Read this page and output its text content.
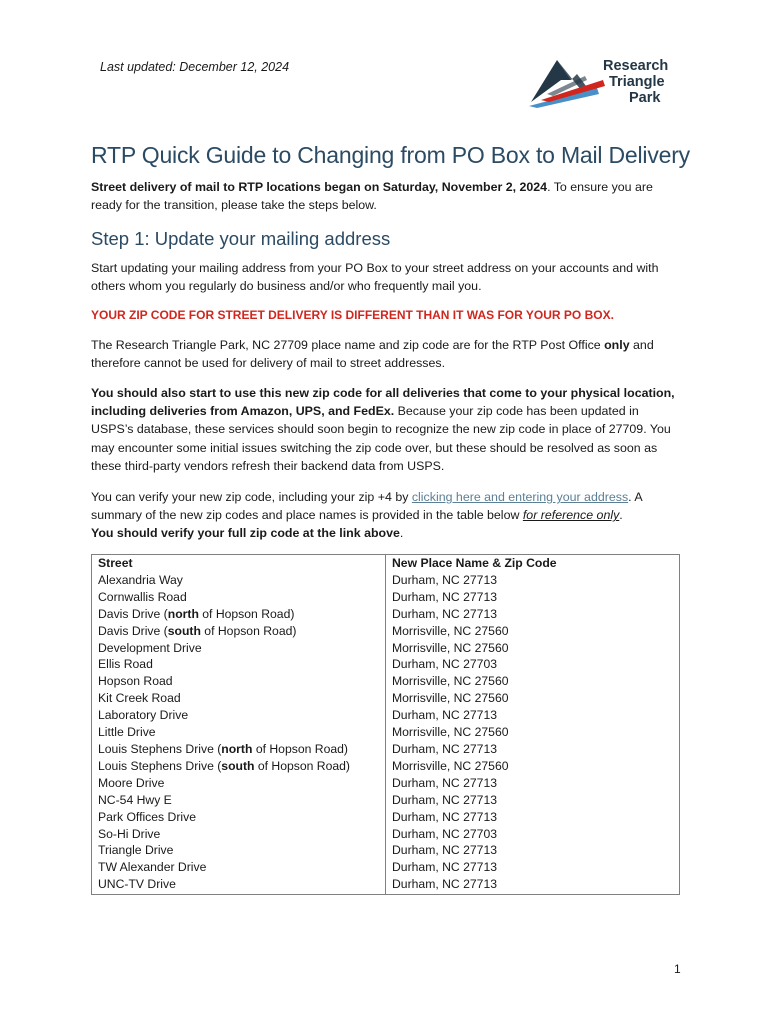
Last updated: December 12, 2024	Research
Triangle
Park
RTP Quick Guide to Changing from PO Box to Mail Delivery
Street delivery of mail to RTP locations began on Saturday, November 2, 2024. To ensure you are ready for the transition, please take the steps below.
Step 1: Update your mailing address
Start updating your mailing address from your PO Box to your street address on your accounts and with others whom you regularly do business and/or who frequently mail you.
YOUR ZIP CODE FOR STREET DELIVERY IS DIFFERENT THAN IT WAS FOR YOUR PO BOX.
The Research Triangle Park, NC 27709 place name and zip code are for the RTP Post Office only and therefore cannot be used for delivery of mail to street addresses.
You should also start to use this new zip code for all deliveries that come to your physical location, including deliveries from Amazon, UPS, and FedEx. Because your zip code has been updated in USPS’s database, these services should soon begin to recognize the new zip code in place of 27709. You may encounter some initial issues switching the zip code over, but these should be resolved as soon as these third-party vendors refresh their backend data from USPS.
You can verify your new zip code, including your zip +4 by clicking here and entering your address. A summary of the new zip codes and place names is provided in the table below for reference only.
You should verify your full zip code at the link above.
Street	New Place Name & Zip Code
Alexandria Way	Durham, NC 27713
Cornwallis Road	Durham, NC 27713
Davis Drive (north of Hopson Road)	Durham, NC 27713
Davis Drive (south of Hopson Road)	Morrisville, NC 27560
Development Drive	Morrisville, NC 27560
Ellis Road	Durham, NC 27703
Hopson Road	Morrisville, NC 27560
Kit Creek Road	Morrisville, NC 27560
Laboratory Drive	Durham, NC 27713
Little Drive	Morrisville, NC 27560
Louis Stephens Drive (north of Hopson Road)	Durham, NC 27713
Louis Stephens Drive (south of Hopson Road)	Morrisville, NC 27560
Moore Drive	Durham, NC 27713
NC-54 Hwy E	Durham, NC 27713
Park Offices Drive	Durham, NC 27713
So-Hi Drive	Durham, NC 27703
Triangle Drive	Durham, NC 27713
TW Alexander Drive	Durham, NC 27713
UNC-TV Drive	Durham, NC 27713
1
